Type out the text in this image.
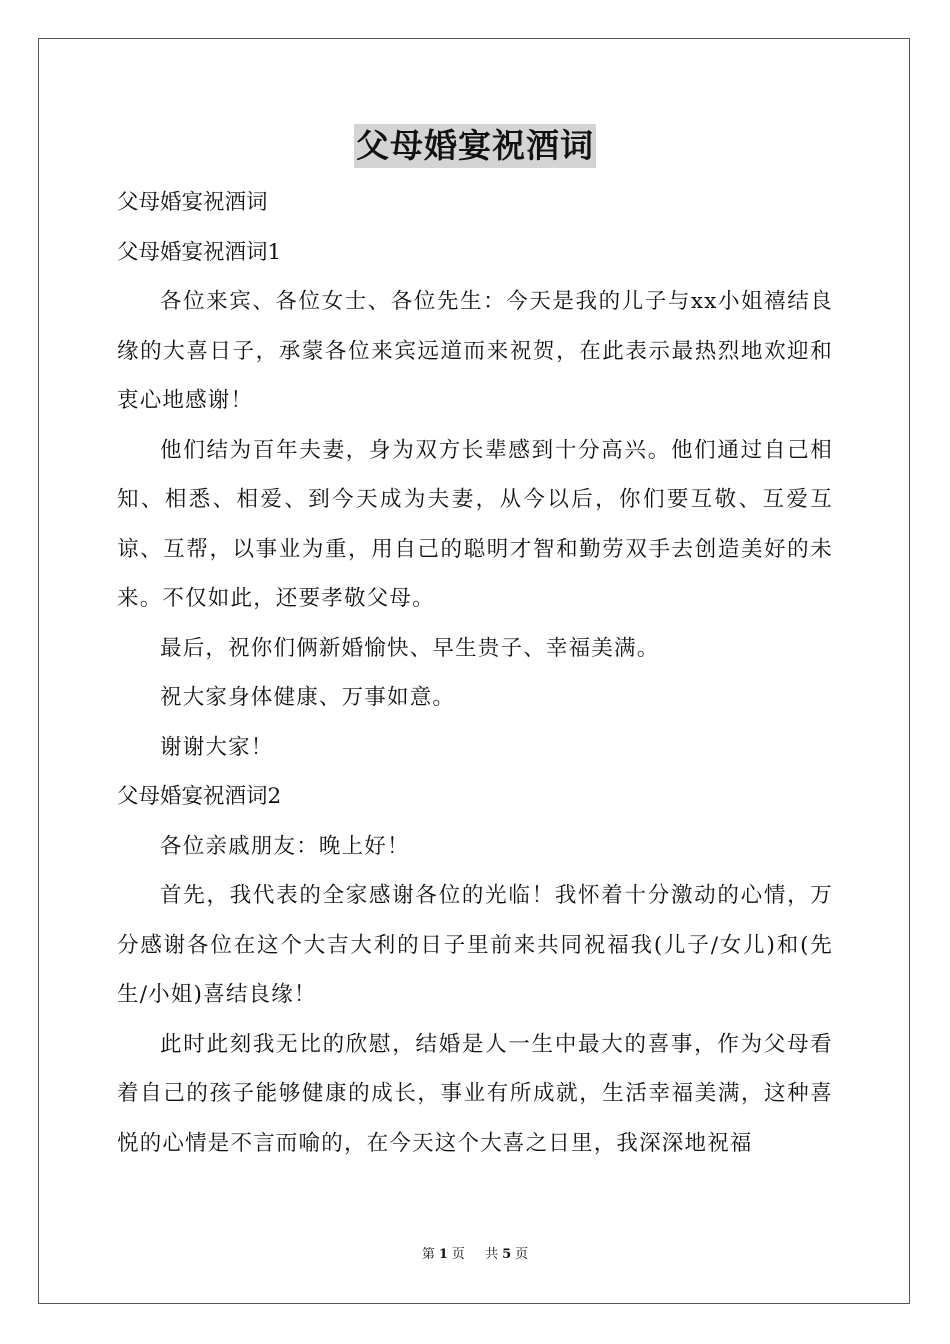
父母婚宴祝酒词

父母婚宴祝酒词

父母婚宴祝酒词1

各位来宾、各位女士、各位先生：今天是我的儿子与xx小姐禧结良缘的大喜日子，承蒙各位来宾远道而来祝贺，在此表示最热烈地欢迎和衷心地感谢！

他们结为百年夫妻，身为双方长辈感到十分高兴。他们通过自己相知、相悉、相爱、到今天成为夫妻，从今以后，你们要互敬、互爱互谅、互帮，以事业为重，用自己的聪明才智和勤劳双手去创造美好的未来。不仅如此，还要孝敬父母。

最后，祝你们俩新婚愉快、早生贵子、幸福美满。

祝大家身体健康、万事如意。

谢谢大家！

父母婚宴祝酒词2

各位亲戚朋友：晚上好！

首先，我代表的全家感谢各位的光临！我怀着十分激动的心情，万分感谢各位在这个大吉大利的日子里前来共同祝福我(儿子/女儿)和(先生/小姐)喜结良缘！

此时此刻我无比的欣慰，结婚是人一生中最大的喜事，作为父母看着自己的孩子能够健康的成长，事业有所成就，生活幸福美满，这种喜悦的心情是不言而喻的，在今天这个大喜之日里，我深深地祝福

第 1 页 共 5 页
